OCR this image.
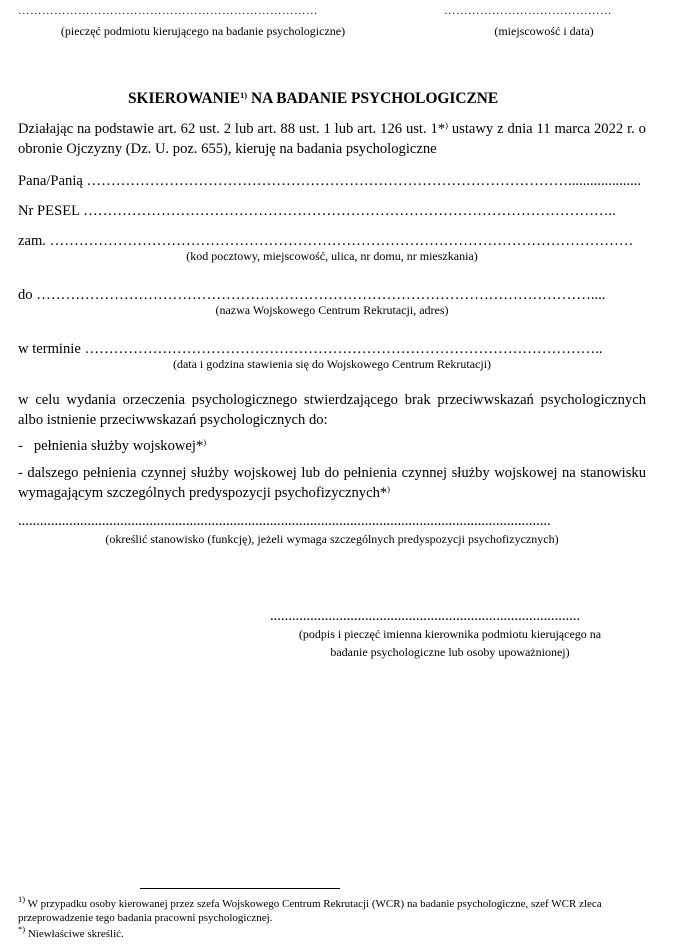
…………………………………………………………………
(pieczęć podmiotu kierującego na badanie psychologiczne)
……………………………………
(miejscowość i data)
SKIEROWANIE$^{1)}$ NA BADANIE PSYCHOLOGICZNE
Działając na podstawie art. 62 ust. 2 lub art. 88 ust. 1 lub art. 126 ust. 1*) ustawy z dnia 11 marca 2022 r. o obronie Ojczyzny (Dz. U. poz. 655), kieruję na badania psychologiczne
Pana/Panią ………………………………………………………………………………………....................
Nr PESEL ………………………………………………………………………………………………..
zam. …………………………………………………………………………………………………………
(kod pocztowy, miejscowość, ulica, nr domu, nr mieszkania)
do ……………………………………………………………………………………………………....
(nazwa Wojskowego Centrum Rekrutacji, adres)
w terminie ……………………………………………………………………………………………..
(data i godzina stawienia się do Wojskowego Centrum Rekrutacji)
w celu wydania orzeczenia psychologicznego stwierdzającego brak przeciwwskazań psychologicznych albo istnienie przeciwwskazań psychologicznych do:
- pełnienia służby wojskowej*)
- dalszego pełnienia czynnej służby wojskowej lub do pełnienia czynnej służby wojskowej na stanowisku wymagającym szczególnych predyspozycji psychofizycznych*)
..................................................................................................................................................
(określić stanowisko (funkcję), jeżeli wymaga szczególnych predyspozycji psychofizycznych)
.....................................................................................
(podpis i pieczęć imienna kierownika podmiotu kierującego na
badanie psychologiczne lub osoby upoważnionej)
$^{1)}$ W przypadku osoby kierowanej przez szefa Wojskowego Centrum Rekrutacji (WCR) na badanie psychologiczne, szef WCR zleca przeprowadzenie tego badania pracowni psychologicznej.
*) Niewłaściwe skreślić.
